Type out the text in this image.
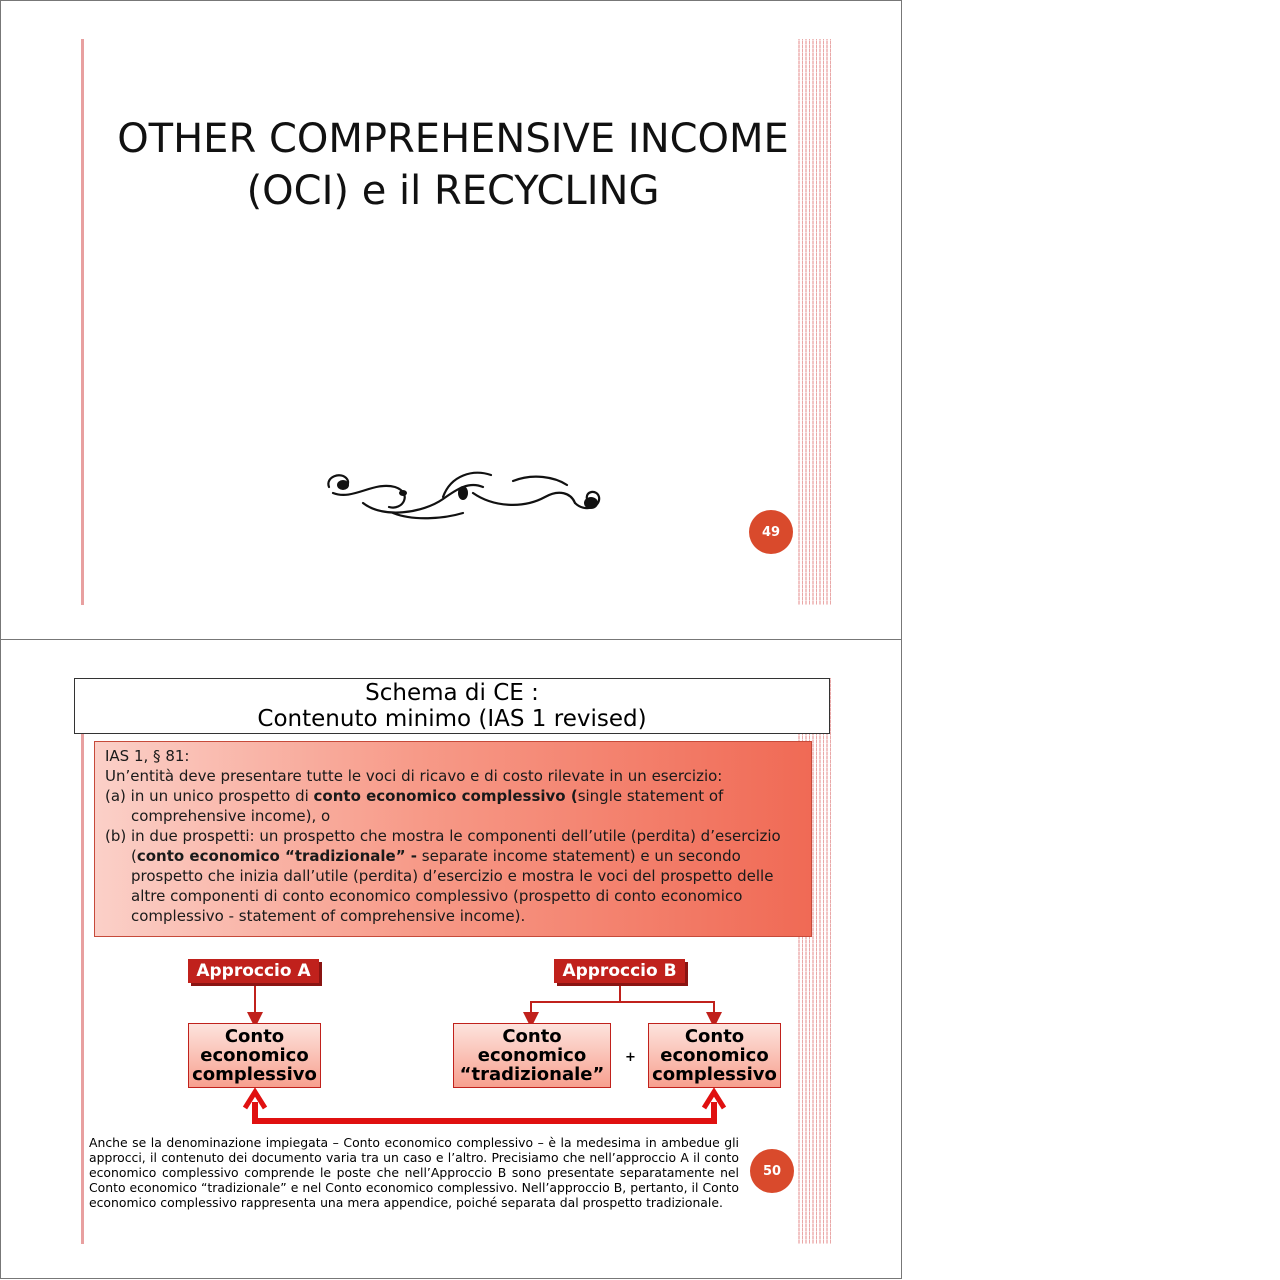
OTHER COMPREHENSIVE INCOME
(OCI) e il RECYCLING
49
Schema di CE :
Contenuto minimo (IAS 1 revised)
IAS 1, § 81:
Un’entità deve presentare tutte le voci di ricavo e di costo rilevate in un esercizio:
(a) in un unico prospetto di conto economico complessivo (single statement of comprehensive income), o
(b) in due prospetti: un prospetto che mostra le componenti dell’utile (perdita) d’esercizio (conto economico “tradizionale” - separate income statement) e un secondo prospetto che inizia dall’utile (perdita) d’esercizio e mostra le voci del prospetto delle altre componenti di conto economico complessivo (prospetto di conto economico complessivo - statement of comprehensive income).
Approccio A	Approccio B
Conto
economico
complessivo
Conto
economico
“tradizionale”
+
Conto
economico
complessivo
Anche se la denominazione impiegata – Conto economico complessivo – è la medesima in ambedue gli approcci, il contenuto dei documento varia tra un caso e l’altro. Precisiamo che nell’approccio A il conto economico complessivo comprende le poste che nell’Approccio B sono presentate separatamente nel Conto economico “tradizionale” e nel Conto economico complessivo. Nell’approccio B, pertanto, il Conto economico complessivo rappresenta una mera appendice, poiché separata dal prospetto tradizionale.
50
